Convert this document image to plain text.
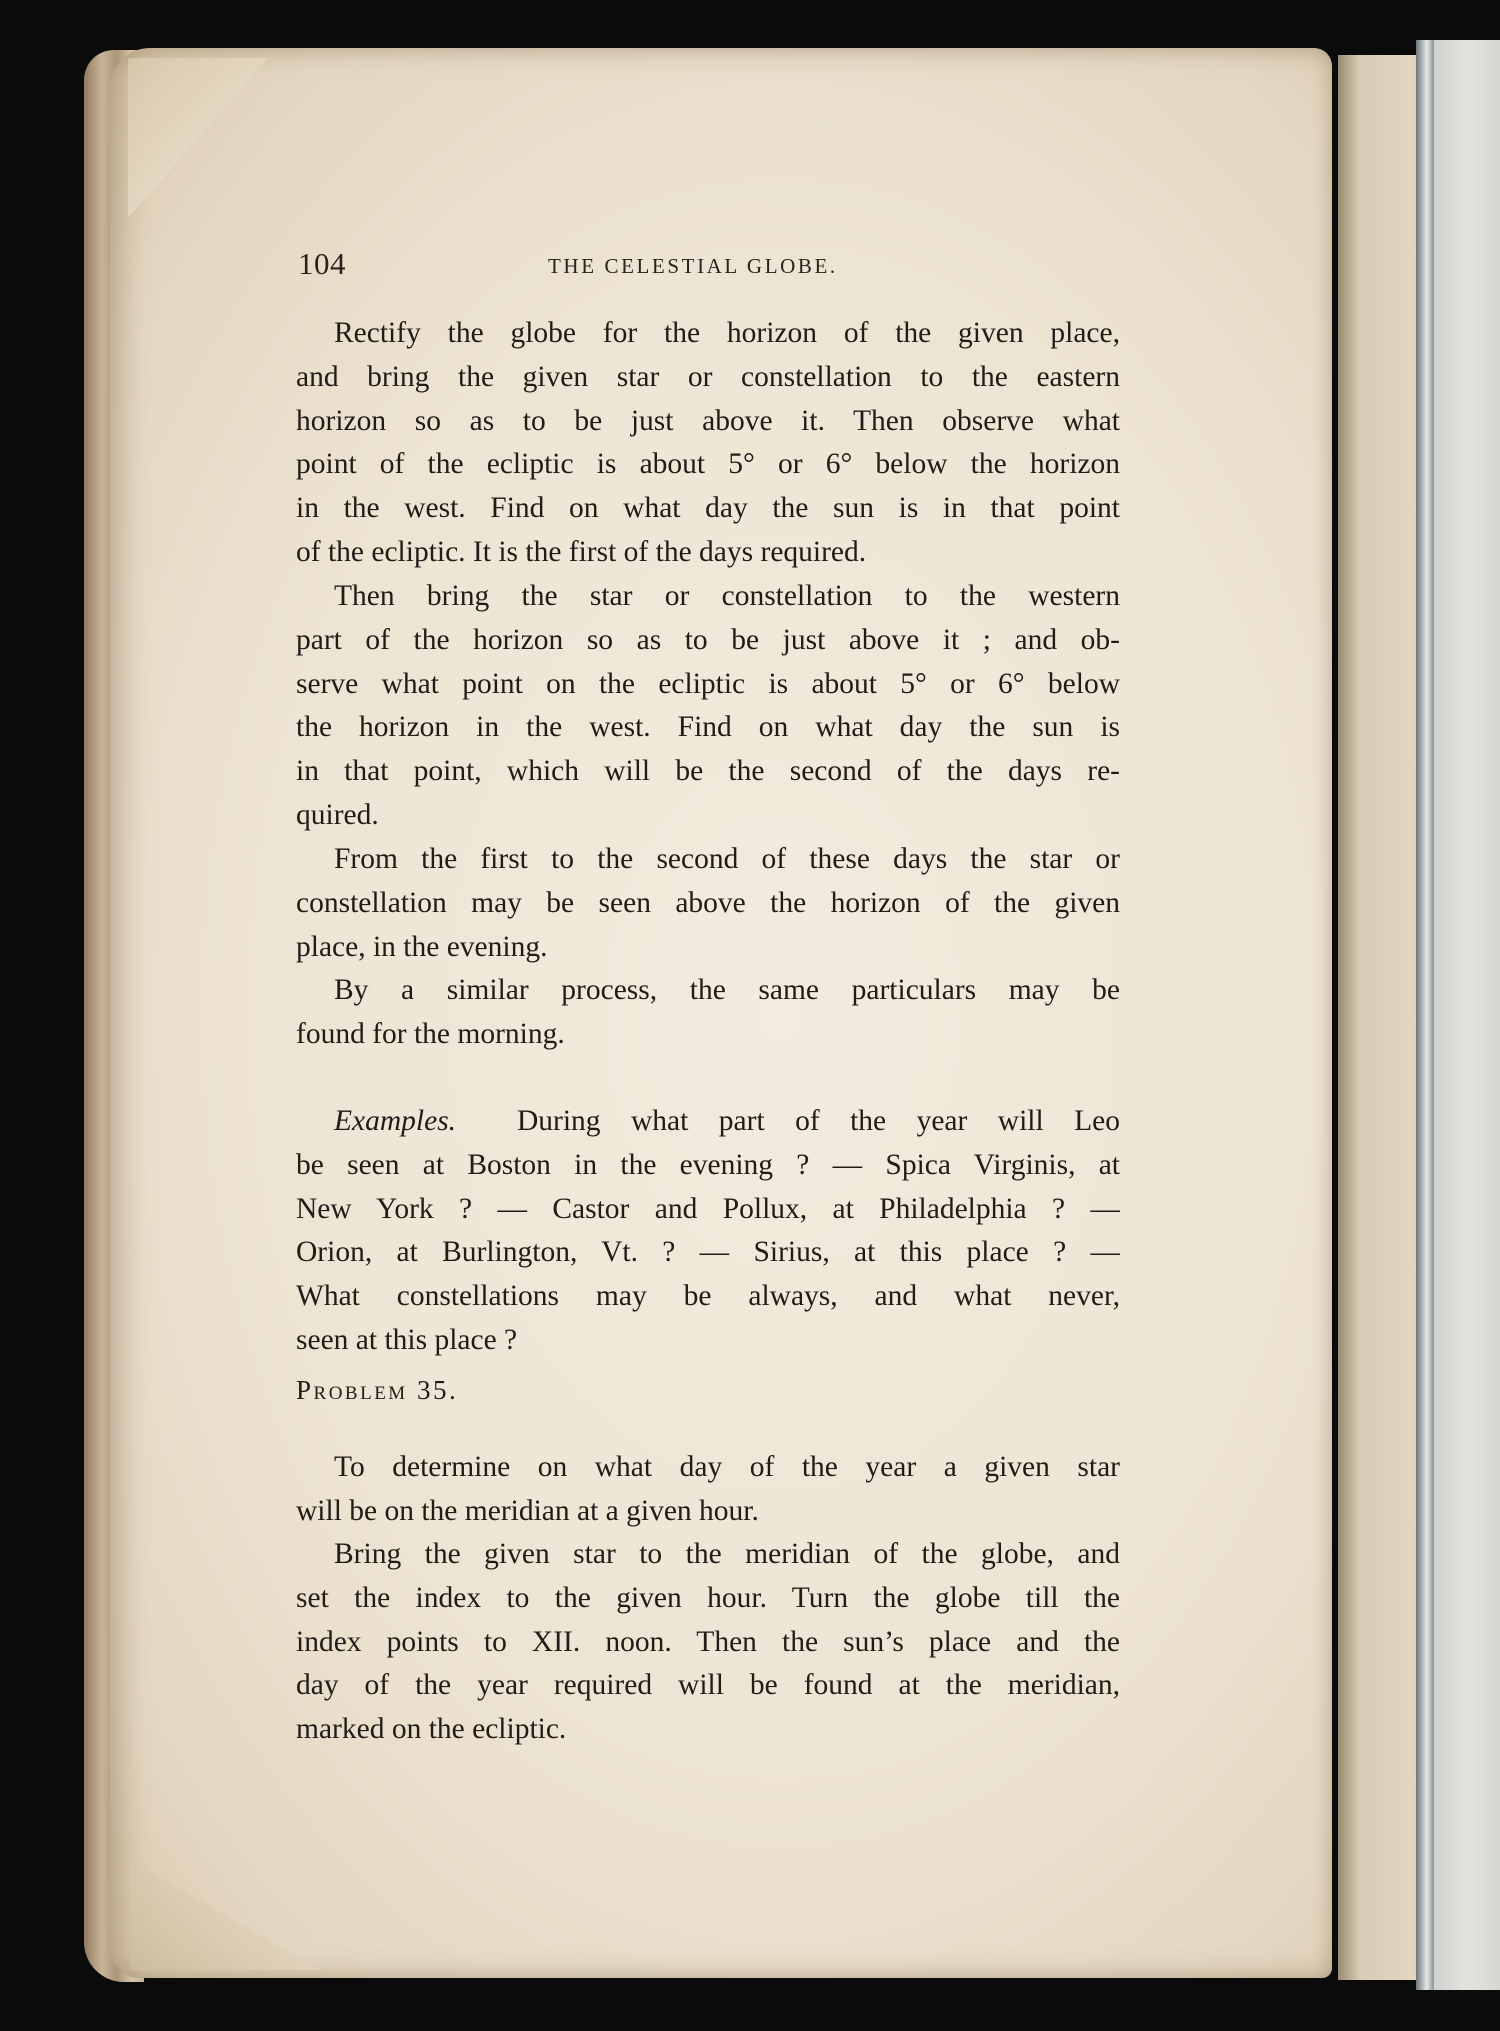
104	THE CELESTIAL GLOBE.
Rectify the globe for the horizon of the given place,
and bring the given star or constellation to the eastern
horizon so as to be just above it. Then observe what
point of the ecliptic is about 5° or 6° below the horizon
in the west. Find on what day the sun is in that point
of the ecliptic. It is the first of the days required.
Then bring the star or constellation to the western
part of the horizon so as to be just above it ; and ob-
serve what point on the ecliptic is about 5° or 6° below
the horizon in the west. Find on what day the sun is
in that point, which will be the second of the days re-
quired.
From the first to the second of these days the star or
constellation may be seen above the horizon of the given
place, in the evening.
By a similar process, the same particulars may be
found for the morning.
Examples. During what part of the year will Leo
be seen at Boston in the evening ? — Spica Virginis, at
New York ? — Castor and Pollux, at Philadelphia ? —
Orion, at Burlington, Vt. ? — Sirius, at this place ? —
What constellations may be always, and what never,
seen at this place ?
Problem 35.
To determine on what day of the year a given star
will be on the meridian at a given hour.
Bring the given star to the meridian of the globe, and
set the index to the given hour. Turn the globe till the
index points to XII. noon. Then the sun’s place and the
day of the year required will be found at the meridian,
marked on the ecliptic.
